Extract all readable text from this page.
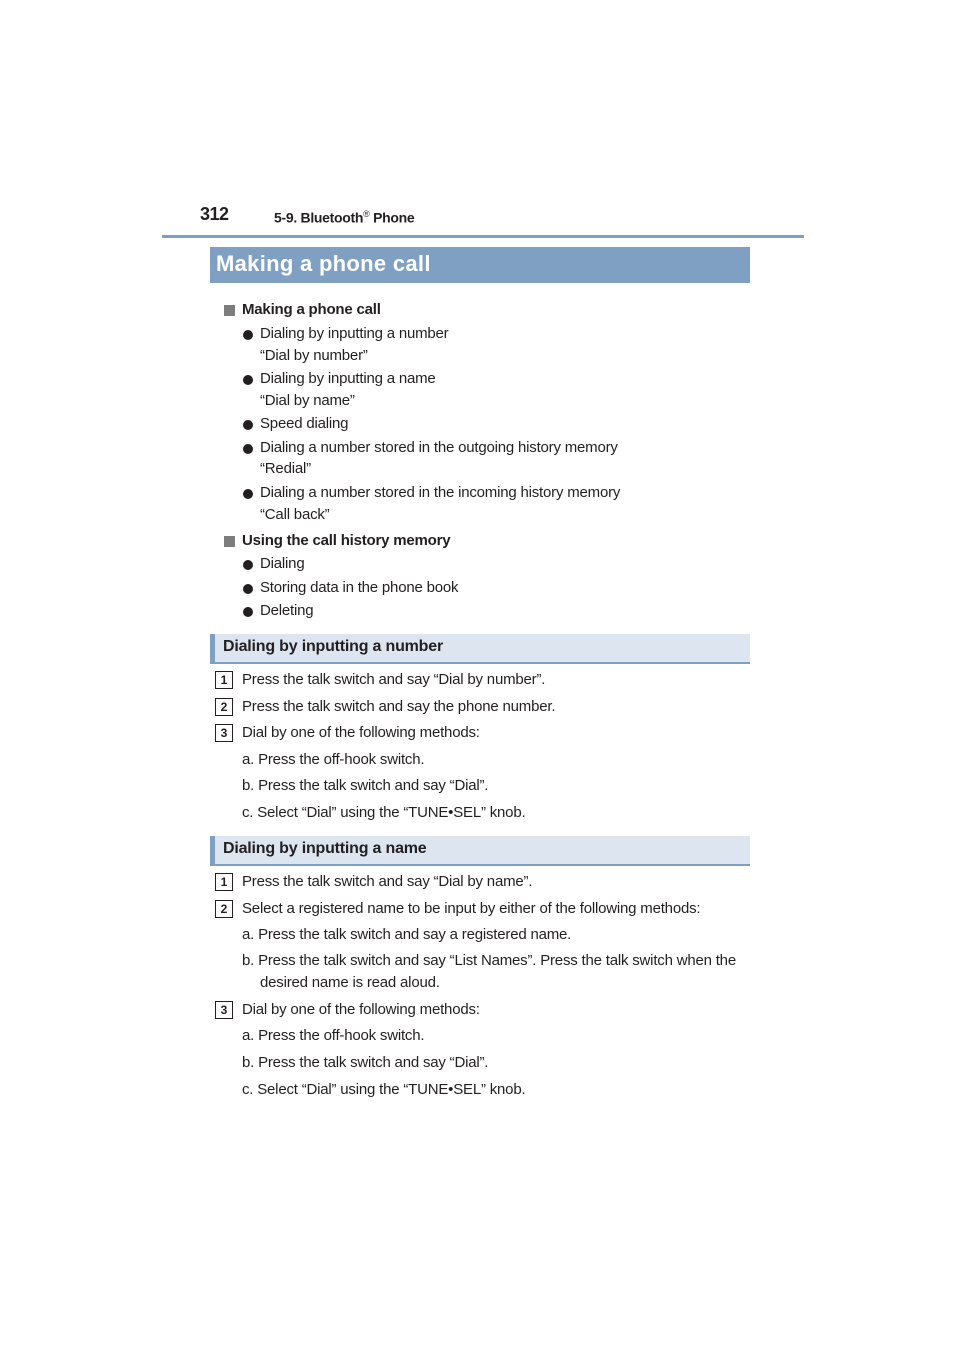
312	5-9. Bluetooth® Phone
Making a phone call
Making a phone call
Dialing by inputting a number
“Dial by number”
Dialing by inputting a name
“Dial by name”
Speed dialing
Dialing a number stored in the outgoing history memory
“Redial”
Dialing a number stored in the incoming history memory
“Call back”
Using the call history memory
Dialing
Storing data in the phone book
Deleting
Dialing by inputting a number
1 Press the talk switch and say “Dial by number”.
2 Press the talk switch and say the phone number.
3 Dial by one of the following methods:
a. Press the off-hook switch.
b. Press the talk switch and say “Dial”.
c. Select “Dial” using the “TUNE•SEL” knob.
Dialing by inputting a name
1 Press the talk switch and say “Dial by name”.
2 Select a registered name to be input by either of the following methods:
a. Press the talk switch and say a registered name.
b. Press the talk switch and say “List Names”. Press the talk switch when the
desired name is read aloud.
3 Dial by one of the following methods:
a. Press the off-hook switch.
b. Press the talk switch and say “Dial”.
c. Select “Dial” using the “TUNE•SEL” knob.
